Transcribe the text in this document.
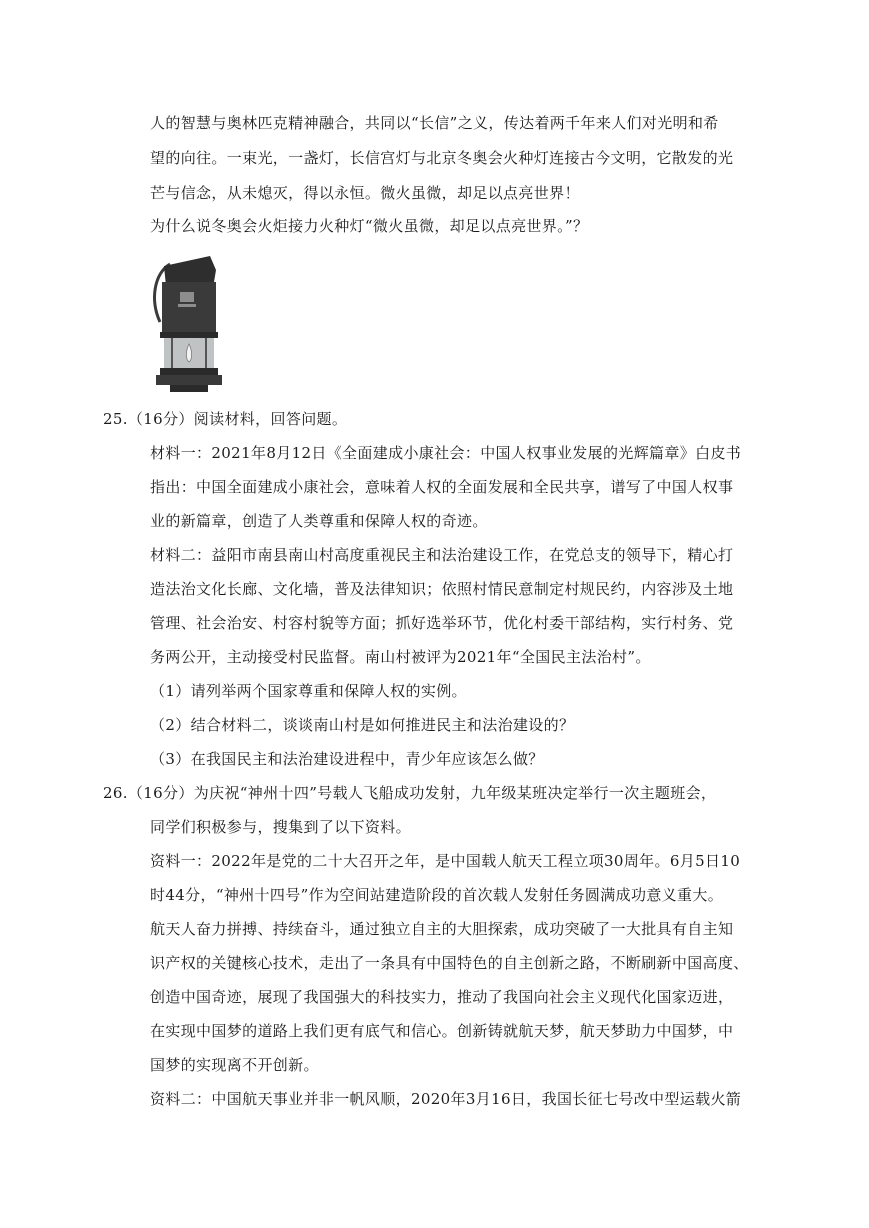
人的智慧与奥林匹克精神融合，共同以“长信”之义，传达着两千年来人们对光明和希
望的向往。一束光，一盏灯，长信宫灯与北京冬奥会火种灯连接古今文明，它散发的光
芒与信念，从未熄灭，得以永恒。微火虽微，却足以点亮世界！
为什么说冬奥会火炬接力火种灯“微火虽微，却足以点亮世界。”？
25.（16分）阅读材料，回答问题。
材料一：2021年8月12日《全面建成小康社会：中国人权事业发展的光辉篇章》白皮书
指出：中国全面建成小康社会，意味着人权的全面发展和全民共享，谱写了中国人权事
业的新篇章，创造了人类尊重和保障人权的奇迹。
材料二：益阳市南县南山村高度重视民主和法治建设工作，在党总支的领导下，精心打
造法治文化长廊、文化墙，普及法律知识；依照村情民意制定村规民约，内容涉及土地
管理、社会治安、村容村貌等方面；抓好选举环节，优化村委干部结构，实行村务、党
务两公开，主动接受村民监督。南山村被评为2021年“全国民主法治村”。
（1）请列举两个国家尊重和保障人权的实例。
（2）结合材料二，谈谈南山村是如何推进民主和法治建设的？
（3）在我国民主和法治建设进程中，青少年应该怎么做？
26.（16分）为庆祝“神州十四”号载人飞船成功发射，九年级某班决定举行一次主题班会，
同学们积极参与，搜集到了以下资料。
资料一：2022年是党的二十大召开之年，是中国载人航天工程立项30周年。6月5日10
时44分，“神州十四号”作为空间站建造阶段的首次载人发射任务圆满成功意义重大。
航天人奋力拼搏、持续奋斗，通过独立自主的大胆探索，成功突破了一大批具有自主知
识产权的关键核心技术，走出了一条具有中国特色的自主创新之路，不断刷新中国高度、
创造中国奇迹，展现了我国强大的科技实力，推动了我国向社会主义现代化国家迈进，
在实现中国梦的道路上我们更有底气和信心。创新铸就航天梦，航天梦助力中国梦，中
国梦的实现离不开创新。
资料二：中国航天事业并非一帆风顺，2020年3月16日，我国长征七号改中型运载火箭
